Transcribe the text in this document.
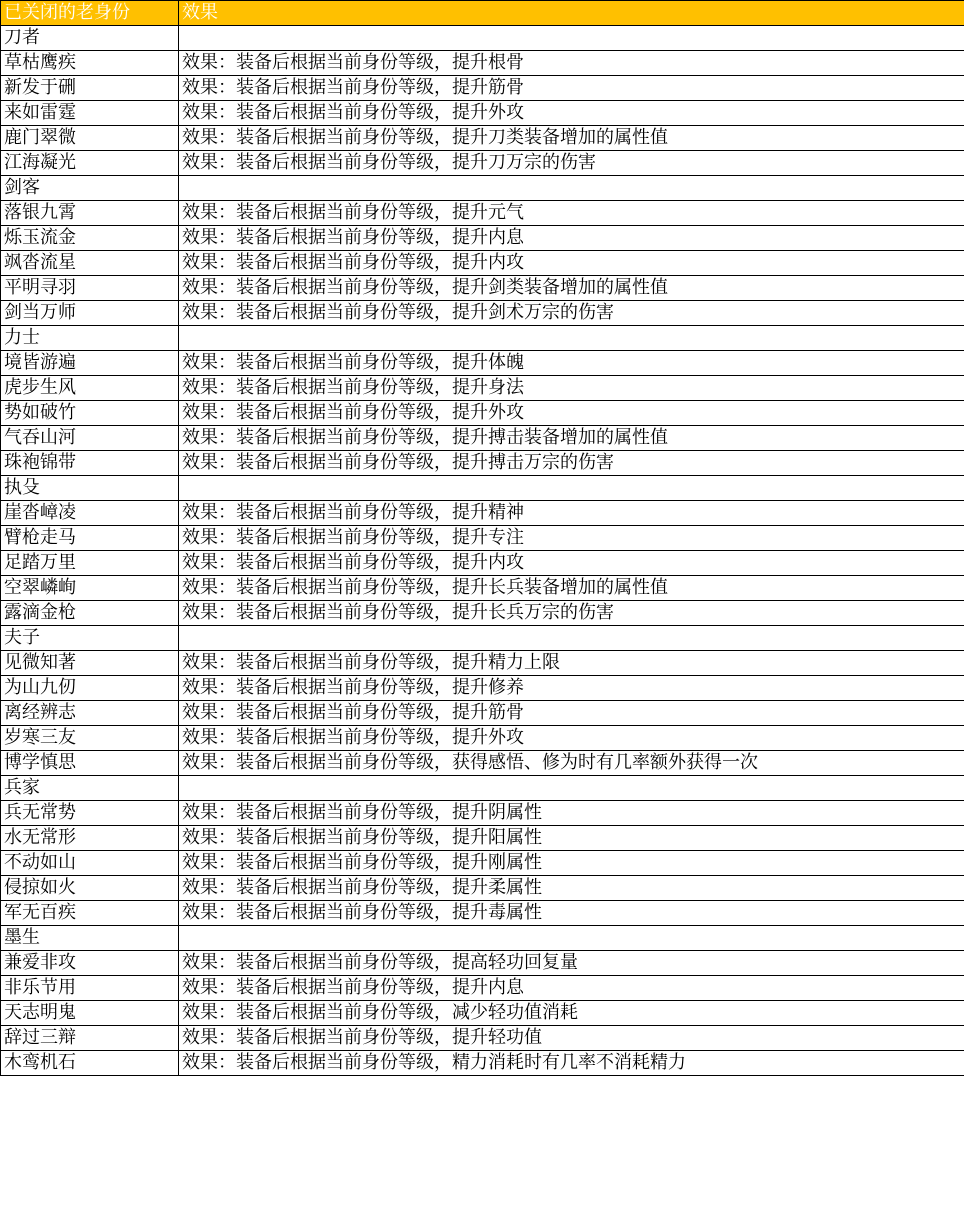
已关闭的老身份	效果
刀者	
草枯鹰疾	效果：装备后根据当前身份等级，提升根骨
新发于硎	效果：装备后根据当前身份等级，提升筋骨
来如雷霆	效果：装备后根据当前身份等级，提升外攻
鹿门翠微	效果：装备后根据当前身份等级，提升刀类装备增加的属性值
江海凝光	效果：装备后根据当前身份等级，提升刀万宗的伤害
剑客	
落银九霄	效果：装备后根据当前身份等级，提升元气
烁玉流金	效果：装备后根据当前身份等级，提升内息
飒沓流星	效果：装备后根据当前身份等级，提升内攻
平明寻羽	效果：装备后根据当前身份等级，提升剑类装备增加的属性值
剑当万师	效果：装备后根据当前身份等级，提升剑术万宗的伤害
力士	
境皆游遍	效果：装备后根据当前身份等级，提升体魄
虎步生风	效果：装备后根据当前身份等级，提升身法
势如破竹	效果：装备后根据当前身份等级，提升外攻
气吞山河	效果：装备后根据当前身份等级，提升搏击装备增加的属性值
珠袍锦带	效果：装备后根据当前身份等级，提升搏击万宗的伤害
执殳	
崖沓嶂凌	效果：装备后根据当前身份等级，提升精神
臂枪走马	效果：装备后根据当前身份等级，提升专注
足踏万里	效果：装备后根据当前身份等级，提升内攻
空翠嶙峋	效果：装备后根据当前身份等级，提升长兵装备增加的属性值
露滴金枪	效果：装备后根据当前身份等级，提升长兵万宗的伤害
夫子	
见微知著	效果：装备后根据当前身份等级，提升精力上限
为山九仞	效果：装备后根据当前身份等级，提升修养
离经辨志	效果：装备后根据当前身份等级，提升筋骨
岁寒三友	效果：装备后根据当前身份等级，提升外攻
博学慎思	效果：装备后根据当前身份等级，获得感悟、修为时有几率额外获得一次
兵家	
兵无常势	效果：装备后根据当前身份等级，提升阴属性
水无常形	效果：装备后根据当前身份等级，提升阳属性
不动如山	效果：装备后根据当前身份等级，提升刚属性
侵掠如火	效果：装备后根据当前身份等级，提升柔属性
军无百疾	效果：装备后根据当前身份等级，提升毒属性
墨生	
兼爱非攻	效果：装备后根据当前身份等级，提高轻功回复量
非乐节用	效果：装备后根据当前身份等级，提升内息
天志明鬼	效果：装备后根据当前身份等级，减少轻功值消耗
辞过三辩	效果：装备后根据当前身份等级，提升轻功值
木鸾机石	效果：装备后根据当前身份等级，精力消耗时有几率不消耗精力
